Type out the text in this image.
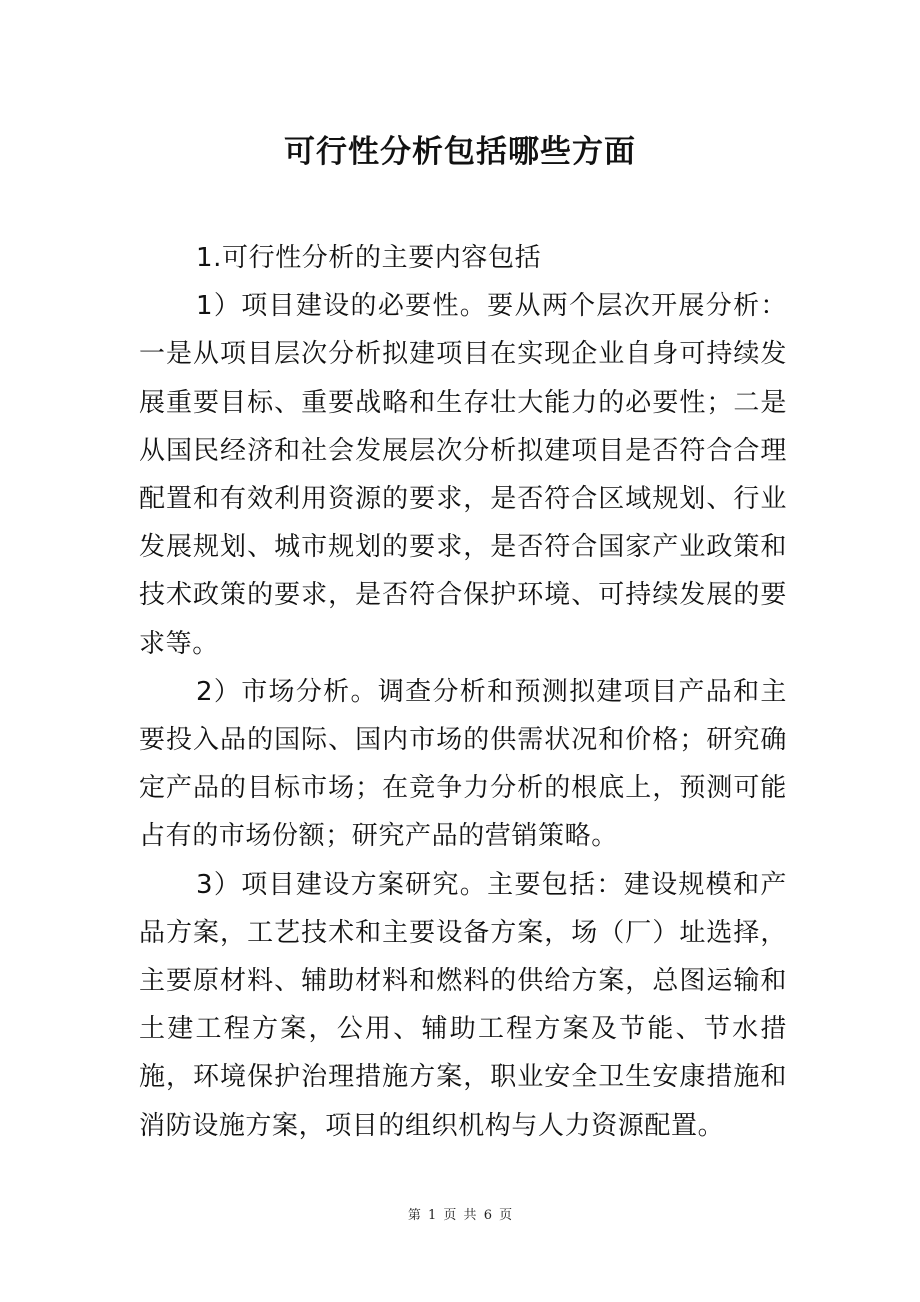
可行性分析包括哪些方面

1.可行性分析的主要内容包括

1）项目建设的必要性。要从两个层次开展分析：一是从项目层次分析拟建项目在实现企业自身可持续发展重要目标、重要战略和生存壮大能力的必要性；二是从国民经济和社会发展层次分析拟建项目是否符合合理配置和有效利用资源的要求，是否符合区域规划、行业发展规划、城市规划的要求，是否符合国家产业政策和技术政策的要求，是否符合保护环境、可持续发展的要求等。

2）市场分析。调查分析和预测拟建项目产品和主要投入品的国际、国内市场的供需状况和价格；研究确定产品的目标市场；在竞争力分析的根底上，预测可能占有的市场份额；研究产品的营销策略。

3）项目建设方案研究。主要包括：建设规模和产品方案，工艺技术和主要设备方案，场（厂）址选择，主要原材料、辅助材料和燃料的供给方案，总图运输和土建工程方案，公用、辅助工程方案及节能、节水措施，环境保护治理措施方案，职业安全卫生安康措施和消防设施方案，项目的组织机构与人力资源配置。

第 1 页 共 6 页
